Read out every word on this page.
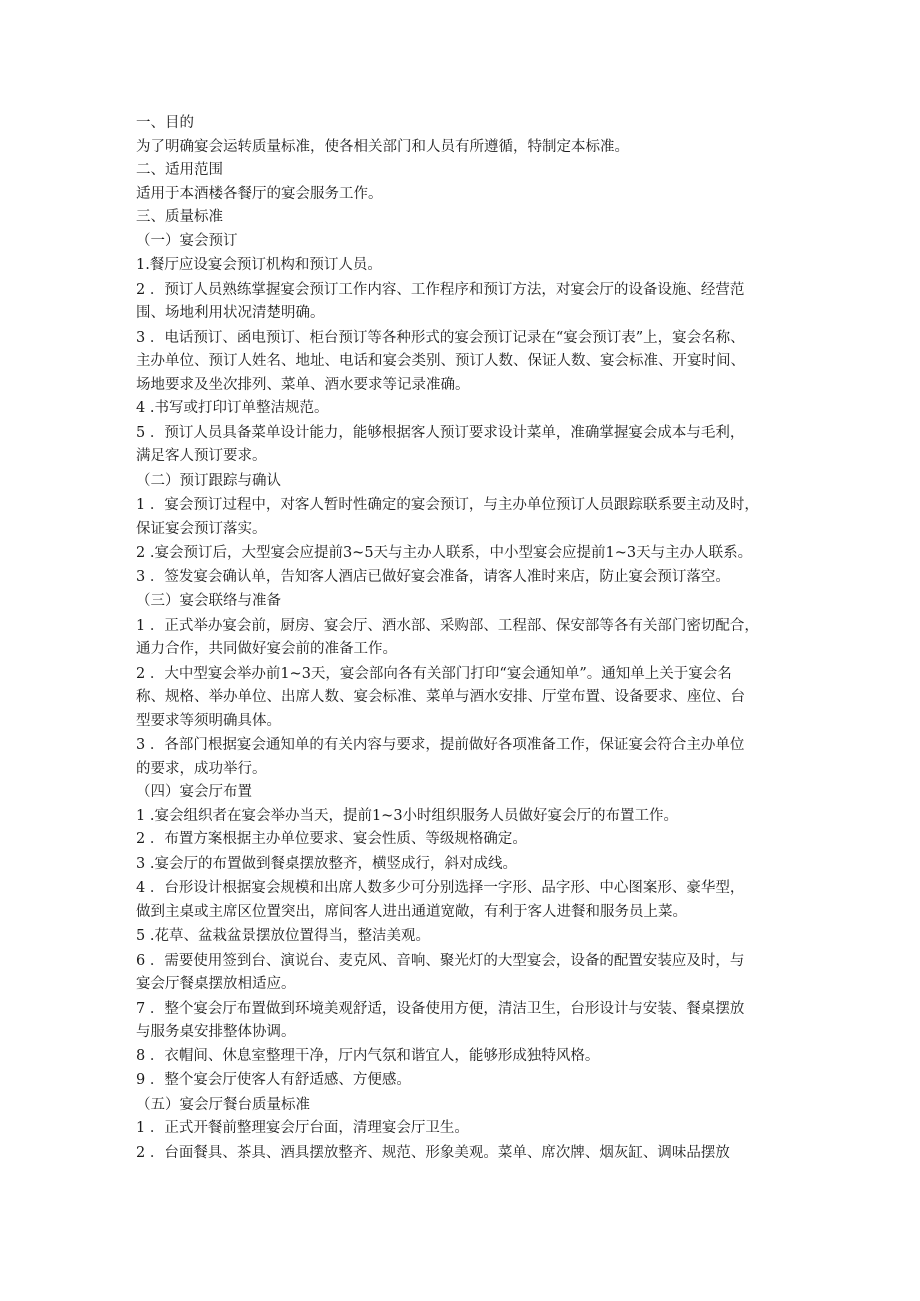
一、目的
为了明确宴会运转质量标准，使各相关部门和人员有所遵循，特制定本标准。
二、适用范围
适用于本酒楼各餐厅的宴会服务工作。
三、质量标准
（一）宴会预订
1.餐厅应设宴会预订机构和预订人员。
2 ．预订人员熟练掌握宴会预订工作内容、工作程序和预订方法，对宴会厅的设备设施、经营范
围、场地利用状况清楚明确。
3 ．电话预订、函电预订、柜台预订等各种形式的宴会预订记录在“宴会预订表”上，宴会名称、
主办单位、预订人姓名、地址、电话和宴会类别、预订人数、保证人数、宴会标准、开宴时间、
场地要求及坐次排列、菜单、酒水要求等记录准确。
4 .书写或打印订单整洁规范。
5 ．预订人员具备菜单设计能力，能够根据客人预订要求设计菜单，准确掌握宴会成本与毛利，
满足客人预订要求。
（二）预订跟踪与确认
1 ．宴会预订过程中，对客人暂时性确定的宴会预订，与主办单位预订人员跟踪联系要主动及时，
保证宴会预订落实。
2 .宴会预订后，大型宴会应提前3~5天与主办人联系，中小型宴会应提前1~3天与主办人联系。
3 ．签发宴会确认单，告知客人酒店已做好宴会准备，请客人准时来店，防止宴会预订落空。
（三）宴会联络与准备
1 ．正式举办宴会前，厨房、宴会厅、酒水部、采购部、工程部、保安部等各有关部门密切配合，
通力合作，共同做好宴会前的准备工作。
2 ．大中型宴会举办前1~3天，宴会部向各有关部门打印“宴会通知单”。通知单上关于宴会名
称、规格、举办单位、出席人数、宴会标准、菜单与酒水安排、厅堂布置、设备要求、座位、台
型要求等须明确具体。
3 ．各部门根据宴会通知单的有关内容与要求，提前做好各项准备工作，保证宴会符合主办单位
的要求，成功举行。
（四）宴会厅布置
1 .宴会组织者在宴会举办当天，提前1~3小时组织服务人员做好宴会厅的布置工作。
2 ．布置方案根据主办单位要求、宴会性质、等级规格确定。
3 .宴会厅的布置做到餐桌摆放整齐，横竖成行，斜对成线。
4 ．台形设计根据宴会规模和出席人数多少可分别选择一字形、品字形、中心图案形、豪华型，
做到主桌或主席区位置突出，席间客人进出通道宽敞，有利于客人进餐和服务员上菜。
5 .花草、盆栽盆景摆放位置得当，整洁美观。
6 ．需要使用签到台、演说台、麦克风、音响、聚光灯的大型宴会，设备的配置安装应及时，与
宴会厅餐桌摆放相适应。
7 ．整个宴会厅布置做到环境美观舒适，设备使用方便，清洁卫生，台形设计与安装、餐桌摆放
与服务桌安排整体协调。
8 ．衣帽间、休息室整理干净，厅内气氛和谐宜人，能够形成独特风格。
9 ．整个宴会厅使客人有舒适感、方便感。
（五）宴会厅餐台质量标准
1 ．正式开餐前整理宴会厅台面，清理宴会厅卫生。
2 ．台面餐具、茶具、酒具摆放整齐、规范、形象美观。菜单、席次牌、烟灰缸、调味品摆放
